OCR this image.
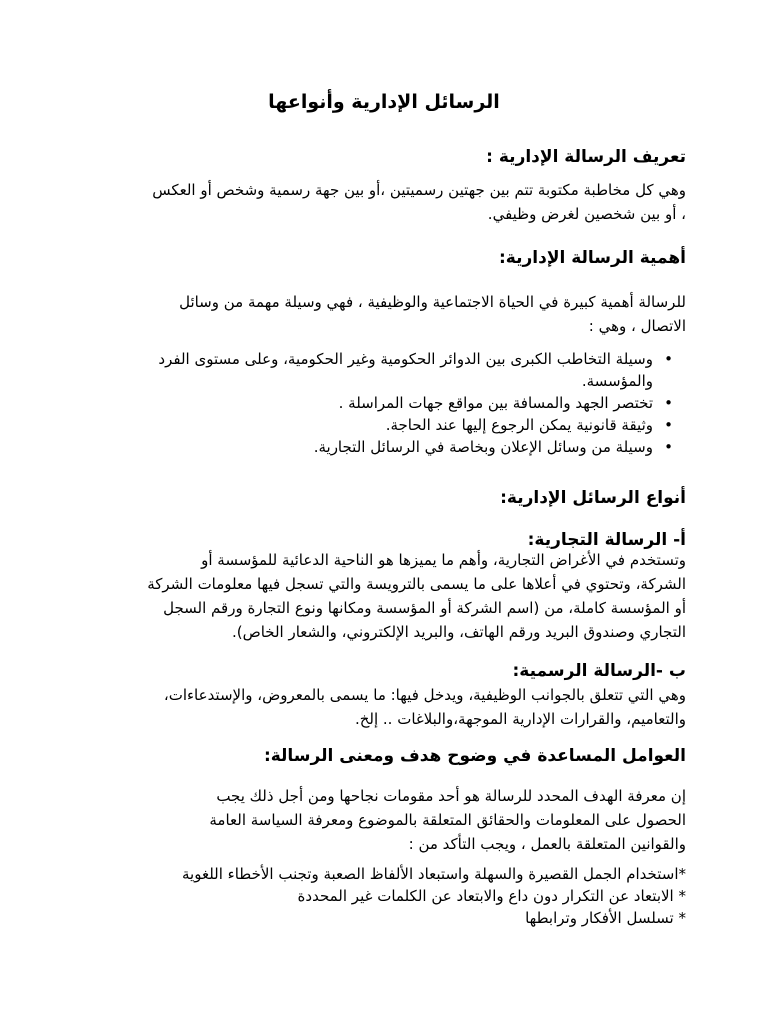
الرسائل الإدارية وأنواعها
تعريف الرسالة الإدارية :
وهي كل مخاطبة مكتوبة تتم بين جهتين رسميتين ،أو بين جهة رسمية وشخص أو العكس
، أو بين شخصين لغرض وظيفي.
أهمية الرسالة الإدارية:
للرسالة أهمية كبيرة في الحياة الاجتماعية والوظيفية ، فهي وسيلة مهمة من وسائل
الاتصال ، وهي :
• وسيلة التخاطب الكبرى بين الدوائر الحكومية وغير الحكومية، وعلى مستوى الفرد
والمؤسسة.
• تختصر الجهد والمسافة بين مواقع جهات المراسلة .
• وثيقة قانونية يمكن الرجوع إليها عند الحاجة.
• وسيلة من وسائل الإعلان وبخاصة في الرسائل التجارية.
أنواع الرسائل الإدارية:
أ- الرسالة التجارية:
وتستخدم في الأغراض التجارية، وأهم ما يميزها هو الناحية الدعائية للمؤسسة أو
الشركة، وتحتوي في أعلاها على ما يسمى بالترويسة والتي تسجل فيها معلومات الشركة
أو المؤسسة كاملة، من (اسم الشركة أو المؤسسة ومكانها ونوع التجارة ورقم السجل
التجاري وصندوق البريد ورقم الهاتف، والبريد الإلكتروني، والشعار الخاص).
ب -الرسالة الرسمية:
وهي التي تتعلق بالجوانب الوظيفية، ويدخل فيها: ما يسمى بالمعروض، والإستدعاءات،
والتعاميم، والقرارات الإدارية الموجهة،والبلاغات .. إلخ.
العوامل المساعدة في وضوح هدف ومعنى الرسالة:
إن معرفة الهدف المحدد للرسالة هو أحد مقومات نجاحها ومن أجل ذلك يجب
الحصول على المعلومات والحقائق المتعلقة بالموضوع ومعرفة السياسة العامة
والقوانين المتعلقة بالعمل ، ويجب التأكد من :
*استخدام الجمل القصيرة والسهلة واستبعاد الألفاظ الصعبة وتجنب الأخطاء اللغوية
* الابتعاد عن التكرار دون داع والابتعاد عن الكلمات غير المحددة
* تسلسل الأفكار وترابطها
